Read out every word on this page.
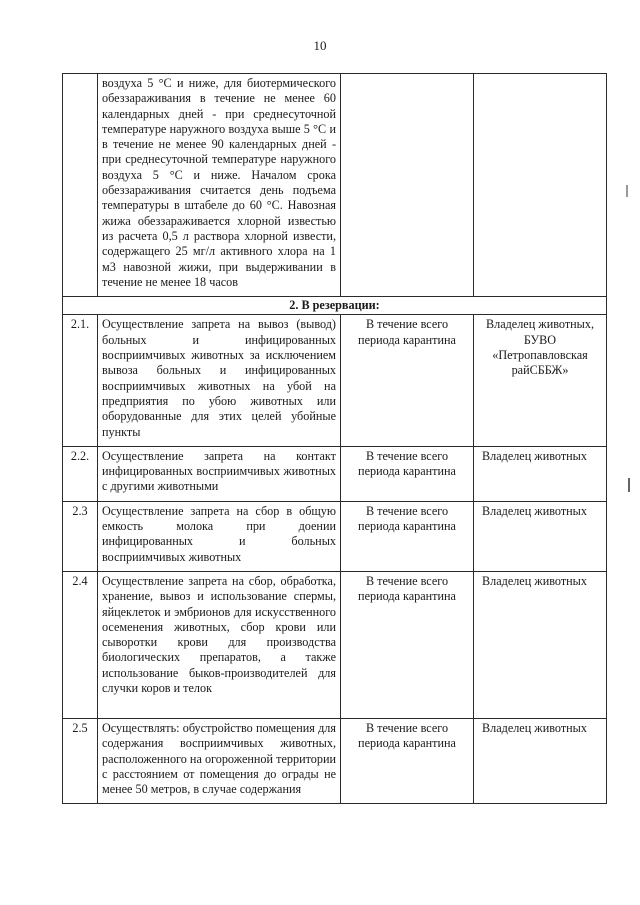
10
	воздуха 5 °С и ниже, для биотермического обеззараживания в течение не менее 60 календарных дней - при среднесуточной температуре наружного воздуха выше 5 °С и в течение не менее 90 календарных дней - при среднесуточной температуре наружного воздуха 5 °С и ниже. Началом срока обеззараживания считается день подъема температуры в штабеле до 60 °С. Навозная жижа обеззараживается хлорной известью из расчета 0,5 л раствора хлорной извести, содержащего 25 мг/л активного хлора на 1 м3 навозной жижи, при выдерживании в течение не менее 18 часов		
2. В резервации:			
2.1.	Осуществление запрета на вывоз (вывод) больных и инфицированных восприимчивых животных за исключением вывоза больных и инфицированных восприимчивых животных на убой на предприятия по убою животных или оборудованные для этих целей убойные пункты	В течение всего периода карантина	Владелец животных, БУВО «Петропавловская райСББЖ»
2.2.	Осуществление запрета на контакт инфицированных восприимчивых животных с другими животными	В течение всего периода карантина	Владелец животных
2.3	Осуществление запрета на сбор в общую емкость молока при доении инфицированных и больных восприимчивых животных	В течение всего периода карантина	Владелец животных
2.4	Осуществление запрета на сбор, обработка, хранение, вывоз и использование спермы, яйцеклеток и эмбрионов для искусственного осеменения животных, сбор крови или сыворотки крови для производства биологических препаратов, а также использование быков-производителей для случки коров и телок	В течение всего периода карантина	Владелец животных
2.5	Осуществлять: обустройство помещения для содержания восприимчивых животных, расположенного на огороженной территории с расстоянием от помещения до ограды не менее 50 метров, в случае содержания	В течение всего периода карантина	Владелец животных
